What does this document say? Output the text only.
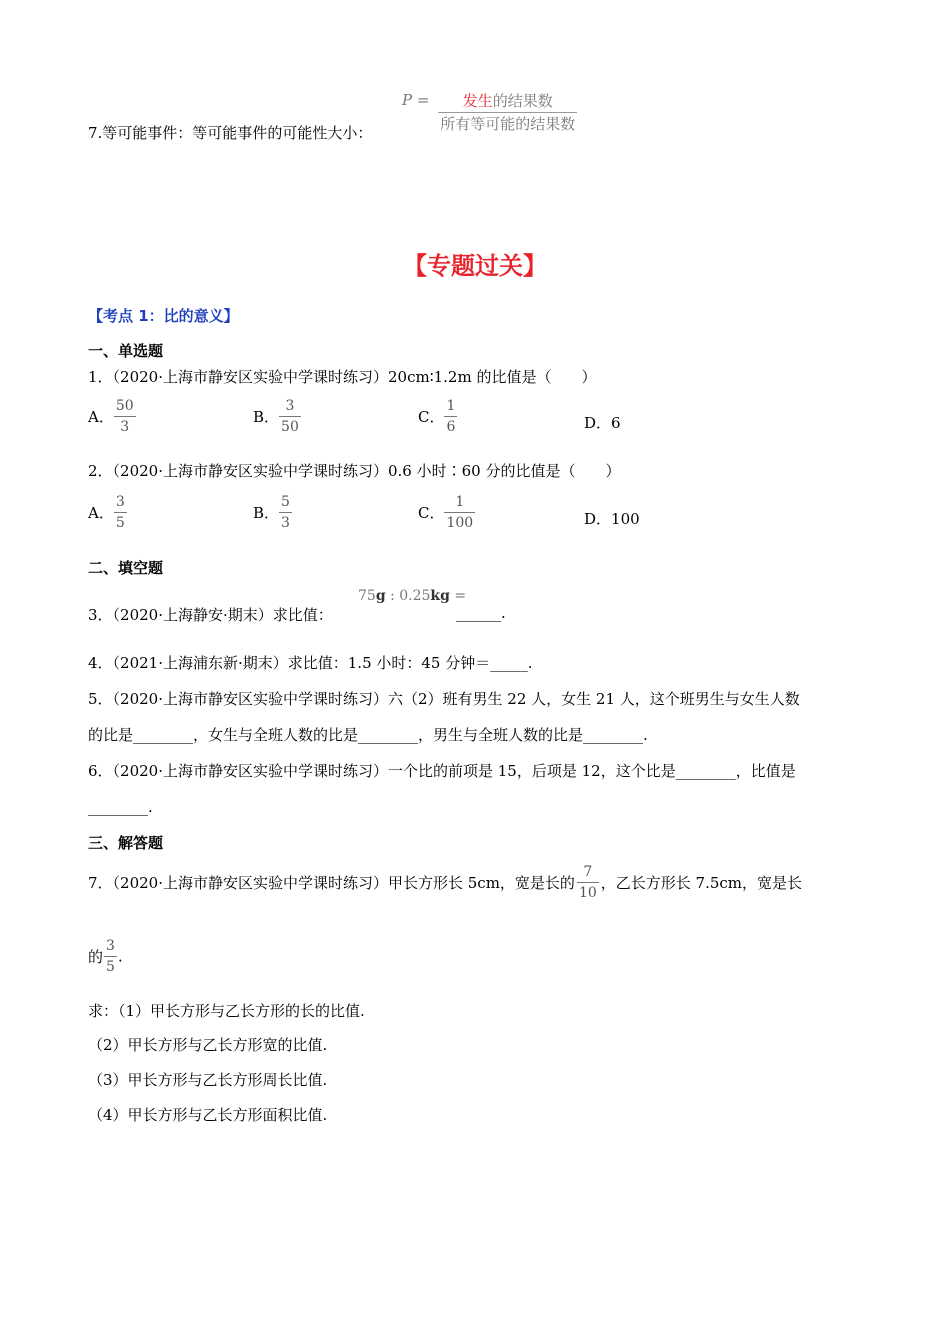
7.等可能事件：等可能事件的可能性大小：
$P = \frac{\text{发生的结果数}}{\text{所有等可能的结果数}}$
【专题过关】
【考点 1：比的意义】
一、单选题
1．（2020·上海市静安区实验中学课时练习）20cm∶1.2m 的比值是（　　）
A． $\frac{50}{3}$	B． $\frac{3}{50}$	C． $\frac{1}{6}$	D．6
2．（2020·上海市静安区实验中学课时练习）0.6 小时∶60 分的比值是（　　）
A． $\frac{3}{5}$	B． $\frac{5}{3}$	C． $\frac{1}{100}$	D．100
二、填空题
3．（2020·上海静安·期末）求比值：
75g : 0.25kg =
______.
4．（2021·上海浦东新·期末）求比值：1.5 小时：45 分钟＝_____.
5．（2020·上海市静安区实验中学课时练习）六（2）班有男生 22 人，女生 21 人，这个班男生与女生人数
的比是________，女生与全班人数的比是________，男生与全班人数的比是________.
6．（2020·上海市静安区实验中学课时练习）一个比的前项是 15，后项是 12，这个比是________，比值是
________.
三、解答题
7．（2020·上海市静安区实验中学课时练习）甲长方形长 5cm，宽是长的 $\frac{7}{10}$ ，乙长方形长 7.5cm，宽是长
的 $\frac{3}{5}$ .
求：（1）甲长方形与乙长方形的长的比值.
（2）甲长方形与乙长方形宽的比值.
（3）甲长方形与乙长方形周长比值.
（4）甲长方形与乙长方形面积比值.
